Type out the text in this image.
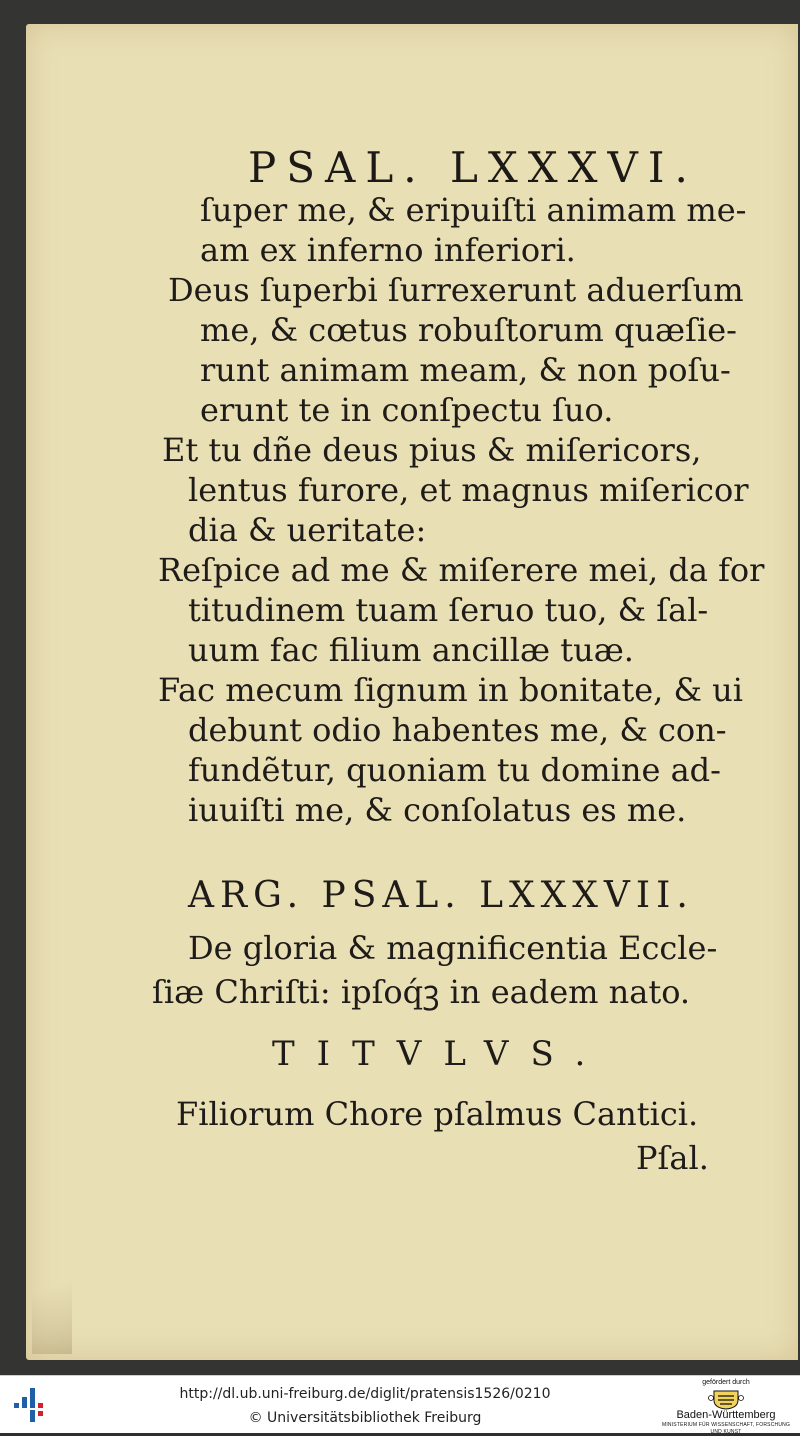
PSAL. LXXXVI.
ſuper me, & eripuiſti animam me-
am ex inferno inferiori.
Deus ſuperbi ſurrexerunt aduerſum
me, & cœtus robuſtorum quæſie-
runt animam meam, & non poſu-
erunt te in conſpectu ſuo.
Et tu dñe deus pius & miſericors,
lentus furore, et magnus miſericor
dia & ueritate:
Reſpice ad me & miſerere mei, da for
titudinem tuam ſeruo tuo, & ſal-
uum fac filium ancillæ tuæ.
Fac mecum ſignum in bonitate, & ui
debunt odio habentes me, & con-
fundẽtur, quoniam tu domine ad-
iuuiſti me, & conſolatus es me.
ARG. PSAL. LXXXVII.
De gloria & magnificentia Eccle-
ſiæ Chriſti: ipſoq́ꝫ in eadem nato.
TITVLVS.
Filiorum Chore pſalmus Cantici.
Pſal.
http://dl.ub.uni-freiburg.de/diglit/pratensis1526/0210
© Universitätsbibliothek Freiburg
gefördert durch
Baden-Württemberg
MINISTERIUM FÜR WISSENSCHAFT, FORSCHUNG UND KUNST
